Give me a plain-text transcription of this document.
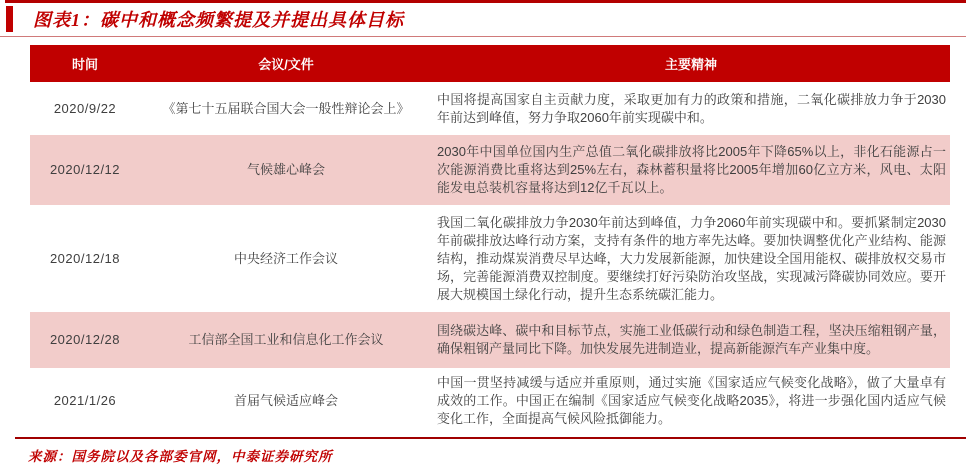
图表1：碳中和概念频繁提及并提出具体目标
时间	会议/文件	主要精神
2020/9/22	《第七十五届联合国大会一般性辩论会上》	中国将提高国家自主贡献力度，采取更加有力的政策和措施，二氧化碳排放力争于2030年前达到峰值，努力争取2060年前实现碳中和。
2020/12/12	气候雄心峰会	2030年中国单位国内生产总值二氧化碳排放将比2005年下降65%以上，非化石能源占一次能源消费比重将达到25%左右，森林蓄积量将比2005年增加60亿立方米，风电、太阳能发电总装机容量将达到12亿千瓦以上。
2020/12/18	中央经济工作会议	我国二氧化碳排放力争2030年前达到峰值，力争2060年前实现碳中和。要抓紧制定2030年前碳排放达峰行动方案，支持有条件的地方率先达峰。要加快调整优化产业结构、能源结构，推动煤炭消费尽早达峰，大力发展新能源，加快建设全国用能权、碳排放权交易市场，完善能源消费双控制度。要继续打好污染防治攻坚战，实现减污降碳协同效应。要开展大规模国土绿化行动，提升生态系统碳汇能力。
2020/12/28	工信部全国工业和信息化工作会议	围绕碳达峰、碳中和目标节点，实施工业低碳行动和绿色制造工程，坚决压缩粗钢产量，确保粗钢产量同比下降。加快发展先进制造业，提高新能源汽车产业集中度。
2021/1/26	首届气候适应峰会	中国一贯坚持减缓与适应并重原则，通过实施《国家适应气候变化战略》，做了大量卓有成效的工作。中国正在编制《国家适应气候变化战略2035》，将进一步强化国内适应气候变化工作，全面提高气候风险抵御能力。
来源：国务院以及各部委官网，中泰证券研究所
